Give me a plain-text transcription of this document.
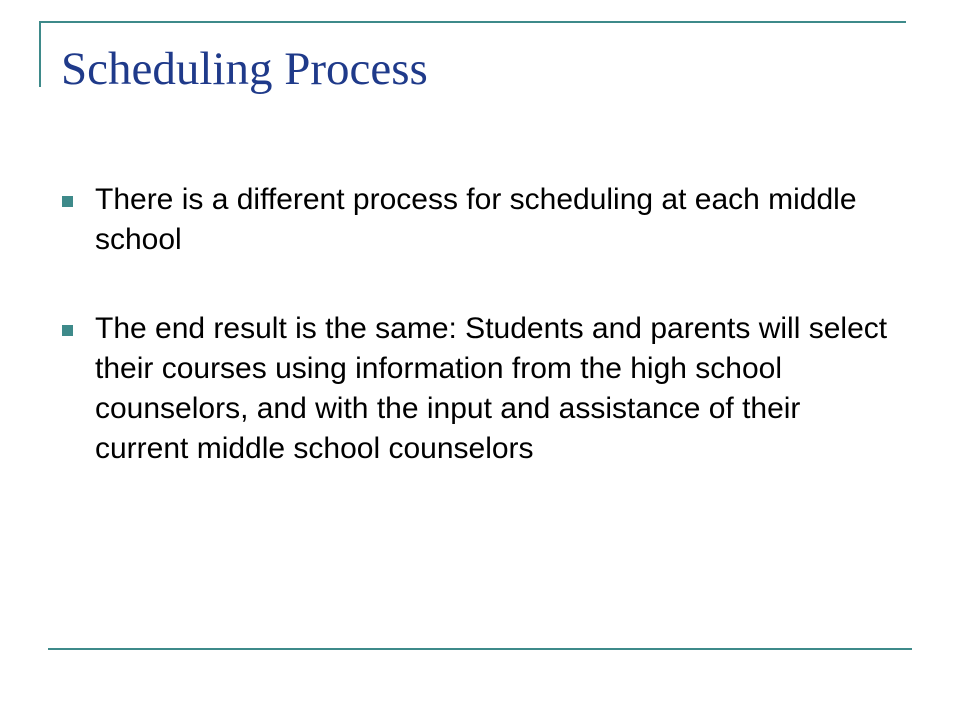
Scheduling Process
There is a different process for scheduling at each middle school
The end result is the same: Students and parents will select their courses using information from the high school counselors, and with the input and assistance of their current middle school counselors
